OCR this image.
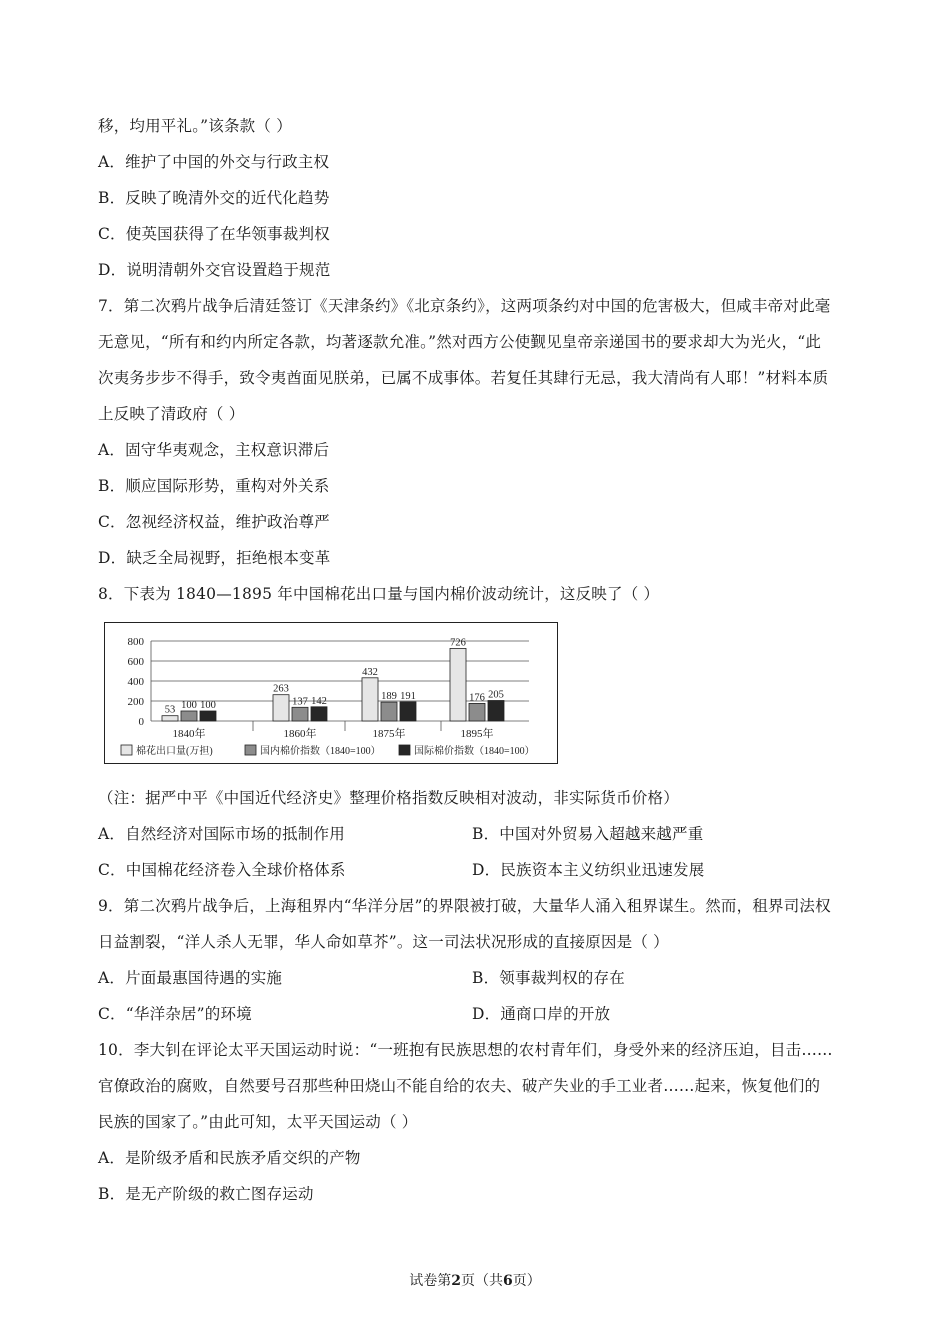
移，均用平礼。”该条款（ ）
A．维护了中国的外交与行政主权
B．反映了晚清外交的近代化趋势
C．使英国获得了在华领事裁判权
D．说明清朝外交官设置趋于规范
7．第二次鸦片战争后清廷签订《天津条约》《北京条约》，这两项条约对中国的危害极大，但咸丰帝对此毫
无意见，“所有和约内所定各款，均著逐款允准。”然对西方公使觐见皇帝亲递国书的要求却大为光火，“此
次夷务步步不得手，致令夷酋面见朕弟，已属不成事体。若复任其肆行无忌，我大清尚有人耶！”材料本质
上反映了清政府（ ）
A．固守华夷观念，主权意识滞后
B．顺应国际形势，重构对外关系
C．忽视经济权益，维护政治尊严
D．缺乏全局视野，拒绝根本变革
8．下表为 1840—1895 年中国棉花出口量与国内棉价波动统计，这反映了（ ）
0
200
400
600
800
53
263
432
726
100	137	189	176
100	142	191	205
1840年	1860年	1875年	1895年
棉花出口量(万担)	国内棉价指数（1840=100）	国际棉价指数（1840=100）
（注：据严中平《中国近代经济史》整理价格指数反映相对波动，非实际货币价格）
A．自然经济对国际市场的抵制作用	B．中国对外贸易入超越来越严重
C．中国棉花经济卷入全球价格体系	D．民族资本主义纺织业迅速发展
9．第二次鸦片战争后，上海租界内“华洋分居”的界限被打破，大量华人涌入租界谋生。然而，租界司法权
日益割裂，“洋人杀人无罪，华人命如草芥”。这一司法状况形成的直接原因是（ ）
A．片面最惠国待遇的实施	B．领事裁判权的存在
C．“华洋杂居”的环境	D．通商口岸的开放
10．李大钊在评论太平天国运动时说：“一班抱有民族思想的农村青年们，身受外来的经济压迫，目击……
官僚政治的腐败，自然要号召那些种田烧山不能自给的农夫、破产失业的手工业者……起来，恢复他们的
民族的国家了。”由此可知，太平天国运动（ ）
A．是阶级矛盾和民族矛盾交织的产物
B．是无产阶级的救亡图存运动
试卷第2页（共6页）
